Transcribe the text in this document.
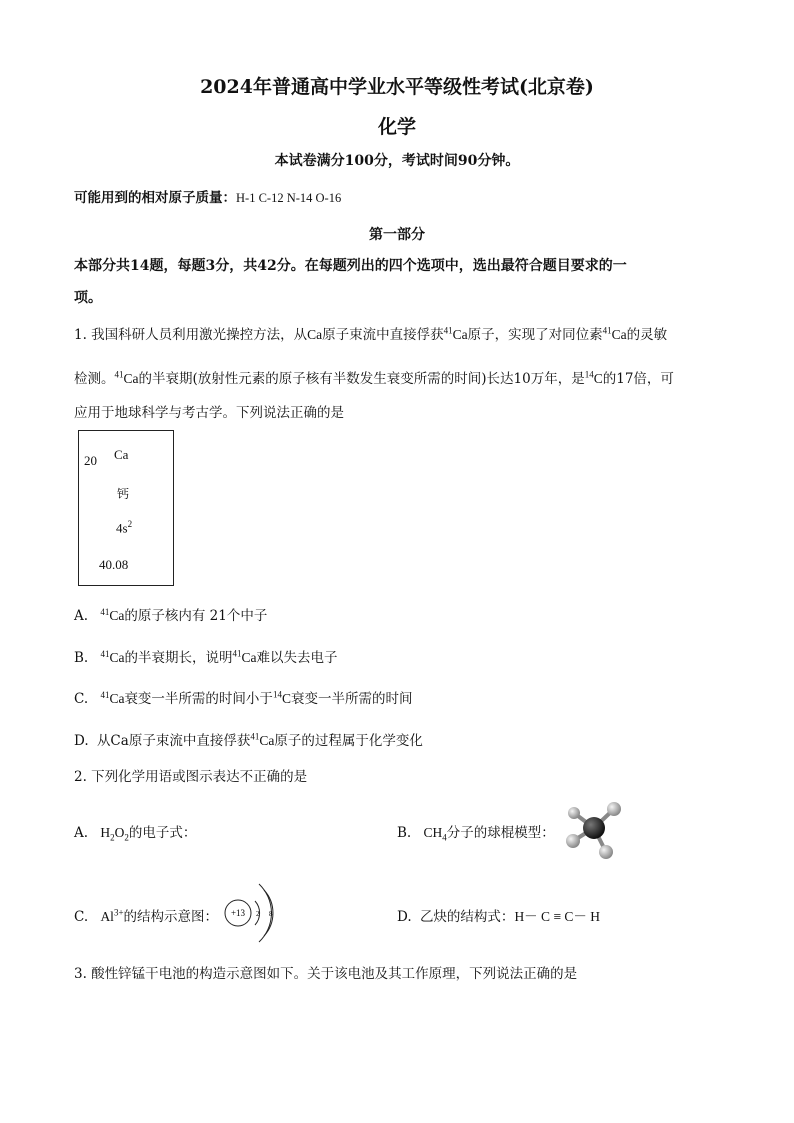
2024年普通高中学业水平等级性考试(北京卷)
化学
本试卷满分100分，考试时间90分钟。
可能用到的相对原子质量：H-1 C-12 N-14 O-16
第一部分
本部分共14题，每题3分，共42分。在每题列出的四个选项中，选出最符合题目要求的一
项。
1. 我国科研人员利用激光操控方法，从Ca原子束流中直接俘获$^{41}$Ca原子，实现了对同位素$^{41}$Ca的灵敏
检测。$^{41}$Ca的半衰期(放射性元素的原子核有半数发生衰变所需的时间)长达10万年，是$^{14}$C的17倍，可
应用于地球科学与考古学。下列说法正确的是
20 Ca
钙
$4s^2$
40.08
A. $^{41}$Ca的原子核内有 21个中子
B. $^{41}$Ca的半衰期长，说明$^{41}$Ca难以失去电子
C. $^{41}$Ca衰变一半所需的时间小于$^{14}$C衰变一半所需的时间
D. 从Ca原子束流中直接俘获$^{41}$Ca原子的过程属于化学变化
2. 下列化学用语或图示表达不正确的是
A. $H_2O_2$的电子式：	B. $CH_4$分子的球棍模型：
C. $Al^{3+}$的结构示意图： +13 2 8	D. 乙炔的结构式：H－ C ≡ C－ H
3. 酸性锌锰干电池的构造示意图如下。关于该电池及其工作原理，下列说法正确的是
